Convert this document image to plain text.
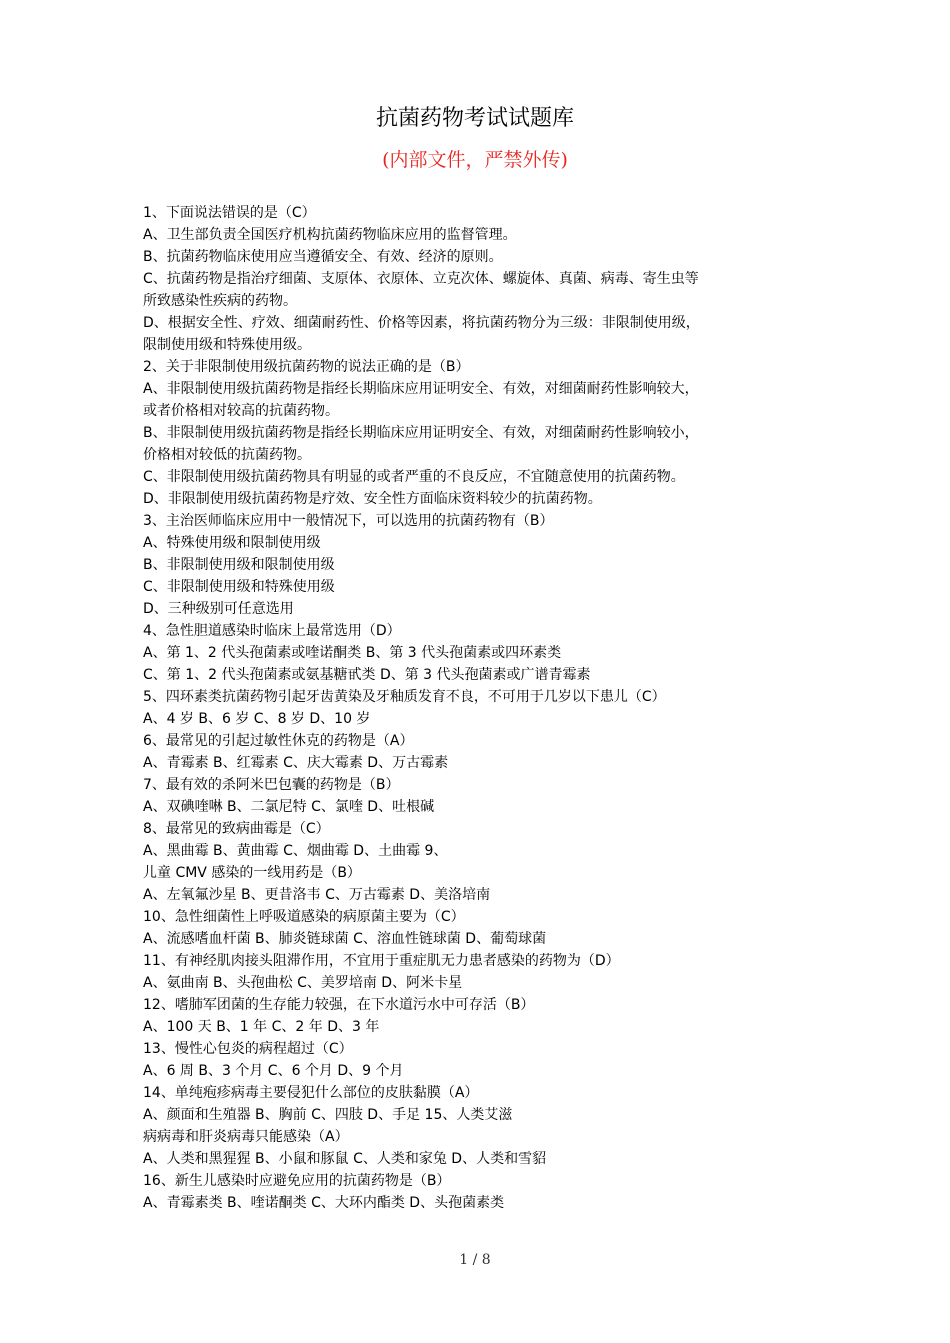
抗菌药物考试试题库
(内部文件，严禁外传)
1、下面说法错误的是（C）
A、卫生部负责全国医疗机构抗菌药物临床应用的监督管理。
B、抗菌药物临床使用应当遵循安全、有效、经济的原则。
C、抗菌药物是指治疗细菌、支原体、衣原体、立克次体、螺旋体、真菌、病毒、寄生虫等
所致感染性疾病的药物。
D、根据安全性、疗效、细菌耐药性、价格等因素，将抗菌药物分为三级：非限制使用级，
限制使用级和特殊使用级。
2、关于非限制使用级抗菌药物的说法正确的是（B）
A、非限制使用级抗菌药物是指经长期临床应用证明安全、有效，对细菌耐药性影响较大，
或者价格相对较高的抗菌药物。
B、非限制使用级抗菌药物是指经长期临床应用证明安全、有效，对细菌耐药性影响较小，
价格相对较低的抗菌药物。
C、非限制使用级抗菌药物具有明显的或者严重的不良反应，不宜随意使用的抗菌药物。
D、非限制使用级抗菌药物是疗效、安全性方面临床资料较少的抗菌药物。
3、主治医师临床应用中一般情况下，可以选用的抗菌药物有（B）
A、特殊使用级和限制使用级
B、非限制使用级和限制使用级
C、非限制使用级和特殊使用级
D、三种级别可任意选用
4、急性胆道感染时临床上最常选用（D）
A、第 1、2 代头孢菌素或喹诺酮类 B、第 3 代头孢菌素或四环素类
C、第 1、2 代头孢菌素或氨基糖甙类 D、第 3 代头孢菌素或广谱青霉素
5、四环素类抗菌药物引起牙齿黄染及牙釉质发育不良，不可用于几岁以下患儿（C）
A、4 岁 B、6 岁 C、8 岁 D、10 岁
6、最常见的引起过敏性休克的药物是（A）
A、青霉素 B、红霉素 C、庆大霉素 D、万古霉素
7、最有效的杀阿米巴包囊的药物是（B）
A、双碘喹啉 B、二氯尼特 C、氯喹 D、吐根碱
8、最常见的致病曲霉是（C）
A、黑曲霉 B、黄曲霉 C、烟曲霉 D、土曲霉 9、
儿童 CMV 感染的一线用药是（B）
A、左氧氟沙星 B、更昔洛韦 C、万古霉素 D、美洛培南
10、急性细菌性上呼吸道感染的病原菌主要为（C）
A、流感嗜血杆菌 B、肺炎链球菌 C、溶血性链球菌 D、葡萄球菌
11、有神经肌肉接头阻滞作用，不宜用于重症肌无力患者感染的药物为（D）
A、氨曲南 B、头孢曲松 C、美罗培南 D、阿米卡星
12、嗜肺军团菌的生存能力较强，在下水道污水中可存活（B）
A、100 天 B、1 年 C、2 年 D、3 年
13、慢性心包炎的病程超过（C）
A、6 周 B、3 个月 C、6 个月 D、9 个月
14、单纯疱疹病毒主要侵犯什么部位的皮肤黏膜（A）
A、颜面和生殖器 B、胸前 C、四肢 D、手足 15、人类艾滋
病病毒和肝炎病毒只能感染（A）
A、人类和黑猩猩 B、小鼠和豚鼠 C、人类和家兔 D、人类和雪貂
16、新生儿感染时应避免应用的抗菌药物是（B）
A、青霉素类 B、喹诺酮类 C、大环内酯类 D、头孢菌素类
1 / 8
